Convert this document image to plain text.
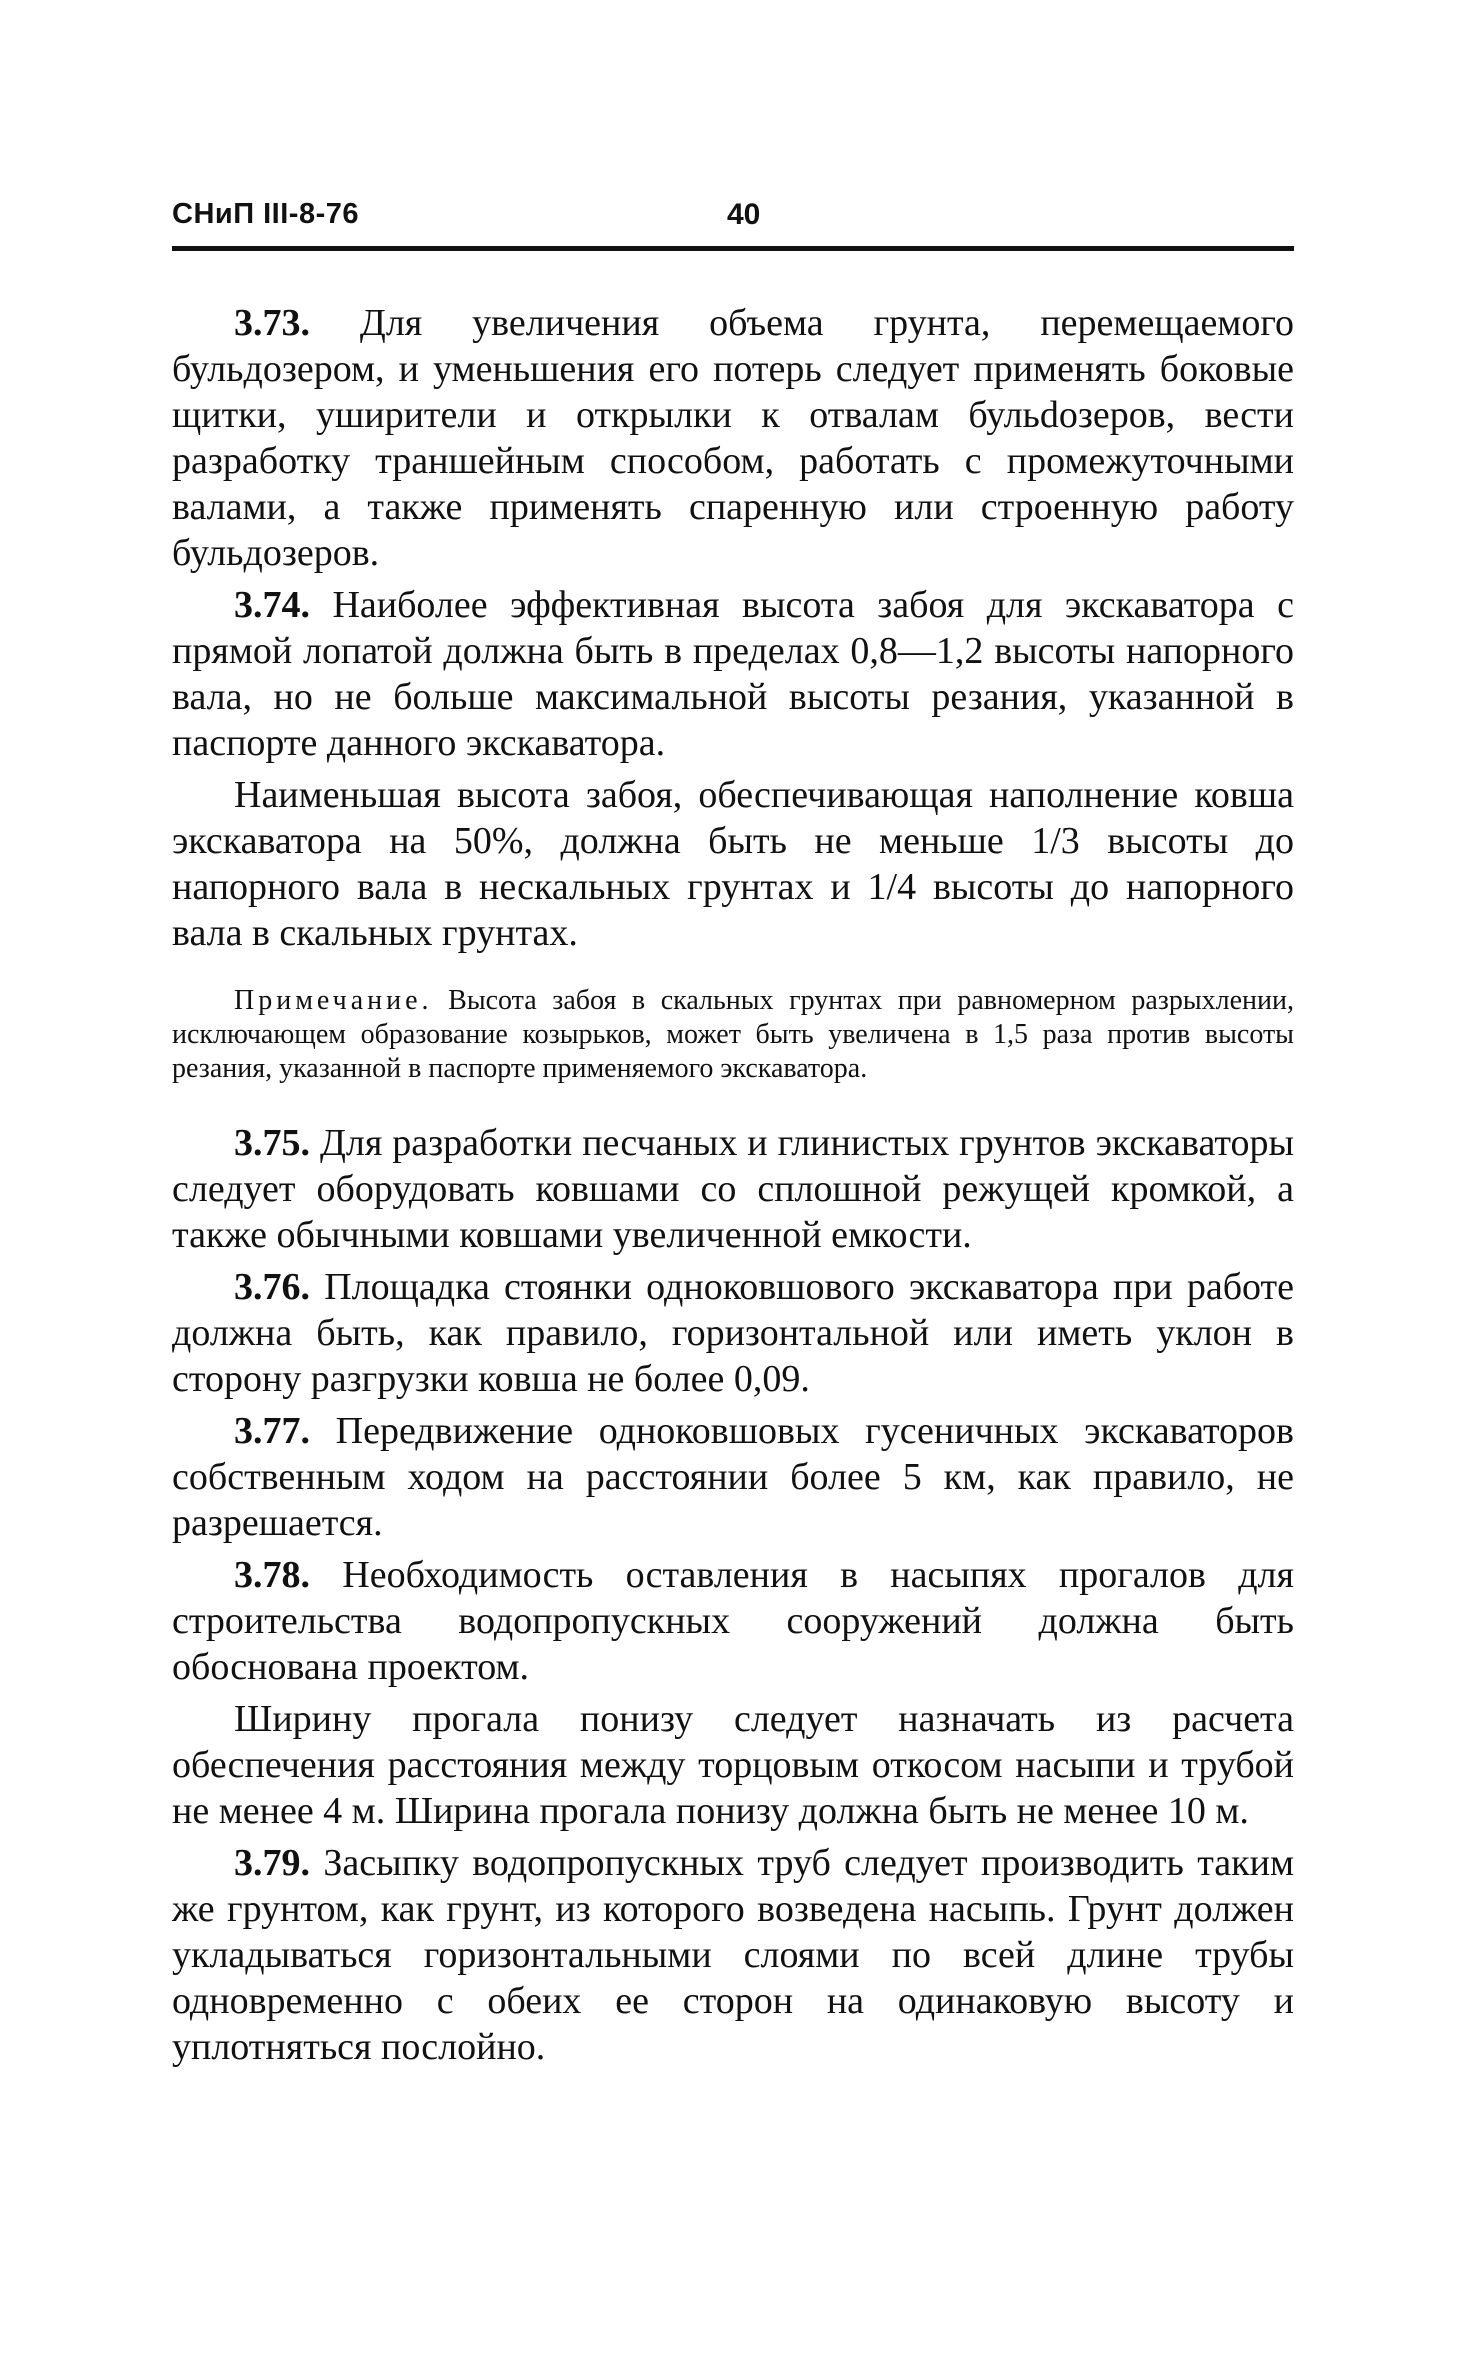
СНиП III-8-76	40

3.73. Для увеличения объема грунта, перемещаемого бульдозером, и уменьшения его потерь следует применять боковые щитки, уширители и открылки к отвалам бульdозеров, вести разработку траншейным способом, работать с промежуточными валами, а также применять спаренную или строенную работу бульдозеров.

3.74. Наиболее эффективная высота забоя для экскаватора с прямой лопатой должна быть в пределах 0,8—1,2 высоты напорного вала, но не больше максимальной высоты резания, указанной в паспорте данного экскаватора.

Наименьшая высота забоя, обеспечивающая наполнение ковша экскаватора на 50%, должна быть не меньше 1/3 высоты до напорного вала в нескальных грунтах и 1/4 высоты до напорного вала в скальных грунтах.

Примечание. Высота забоя в скальных грунтах при равномерном разрыхлении, исключающем образование козырьков, может быть увеличена в 1,5 раза против высоты резания, указанной в паспорте применяемого экскаватора.

3.75. Для разработки песчаных и глинистых грунтов экскаваторы следует оборудовать ковшами со сплошной режущей кромкой, а также обычными ковшами увеличенной емкости.

3.76. Площадка стоянки одноковшового экскаватора при работе должна быть, как правило, горизонтальной или иметь уклон в сторону разгрузки ковша не более 0,09.

3.77. Передвижение одноковшовых гусеничных экскаваторов собственным ходом на расстоянии более 5 км, как правило, не разрешается.

3.78. Необходимость оставления в насыпях прогалов для строительства водопропускных сооружений должна быть обоснована проектом.

Ширину прогала понизу следует назначать из расчета обеспечения расстояния между торцовым откосом насыпи и трубой не менее 4 м. Ширина прогала понизу должна быть не менее 10 м.

3.79. Засыпку водопропускных труб следует производить таким же грунтом, как грунт, из которого возведена насыпь. Грунт должен укладываться горизонтальными слоями по всей длине трубы одновременно с обеих ее сторон на одинаковую высоту и уплотняться послойно.
